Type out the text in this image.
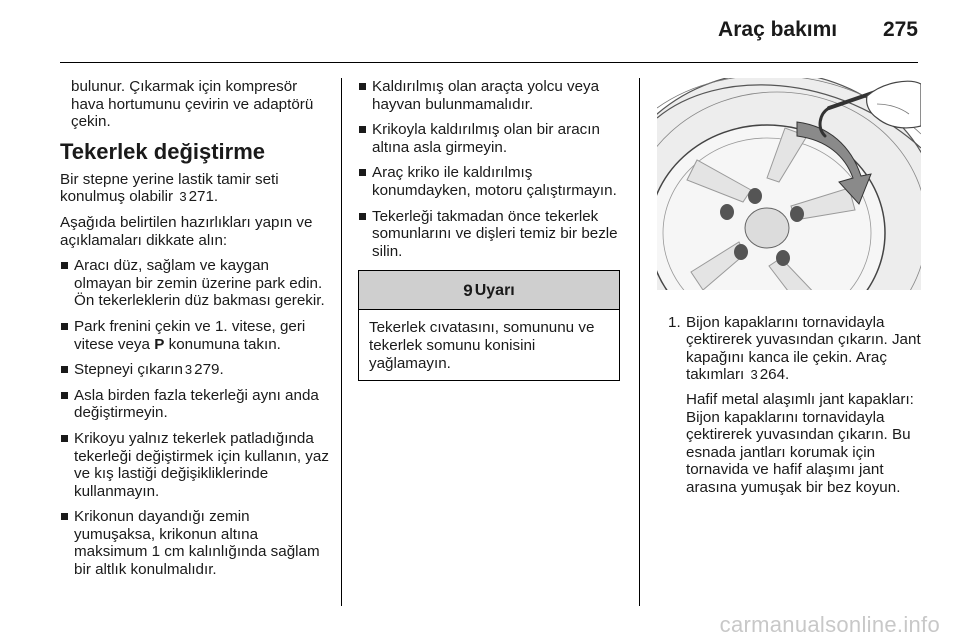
Araç bakımı 275

bulunur. Çıkarmak için kompresör hava hortumunu çevirin ve adaptörü çekin.

Tekerlek değiştirme

Bir stepne yerine lastik tamir seti konulmuş olabilir 3 271.

Aşağıda belirtilen hazırlıkları yapın ve açıklamaları dikkate alın:

Aracı düz, sağlam ve kaygan olmayan bir zemin üzerine park edin. Ön tekerleklerin düz bakması gerekir.
Park frenini çekin ve 1. vitese, geri vitese veya P konumuna takın.
Stepneyi çıkarın 3 279.
Asla birden fazla tekerleği aynı anda değiştirmeyin.
Krikoyu yalnız tekerlek patladığında tekerleği değiştirmek için kullanın, yaz ve kış lastiği değişikliklerinde kullanmayın.
Krikonun dayandığı zemin yumuşaksa, krikonun altına maksimum 1 cm kalınlığında sağlam bir altlık konulmalıdır.
Kaldırılmış olan araçta yolcu veya hayvan bulunmamalıdır.
Krikoyla kaldırılmış olan bir aracın altına asla girmeyin.
Araç kriko ile kaldırılmış konumdayken, motoru çalıştırmayın.
Tekerleği takmadan önce tekerlek somunlarını ve dişleri temiz bir bezle silin.
9 Uyarı
Tekerlek cıvatasını, somununu ve tekerlek somunu konisini yağlamayın.
1. Bijon kapaklarını tornavidayla çektirerek yuvasından çıkarın. Jant kapağını kanca ile çekin. Araç takımları 3 264.

Hafif metal alaşımlı jant kapakları: Bijon kapaklarını tornavidayla çektirerek yuvasından çıkarın. Bu esnada jantları korumak için tornavida ve hafif alaşımı jant arasına yumuşak bir bez koyun.

carmanualsonline.info
